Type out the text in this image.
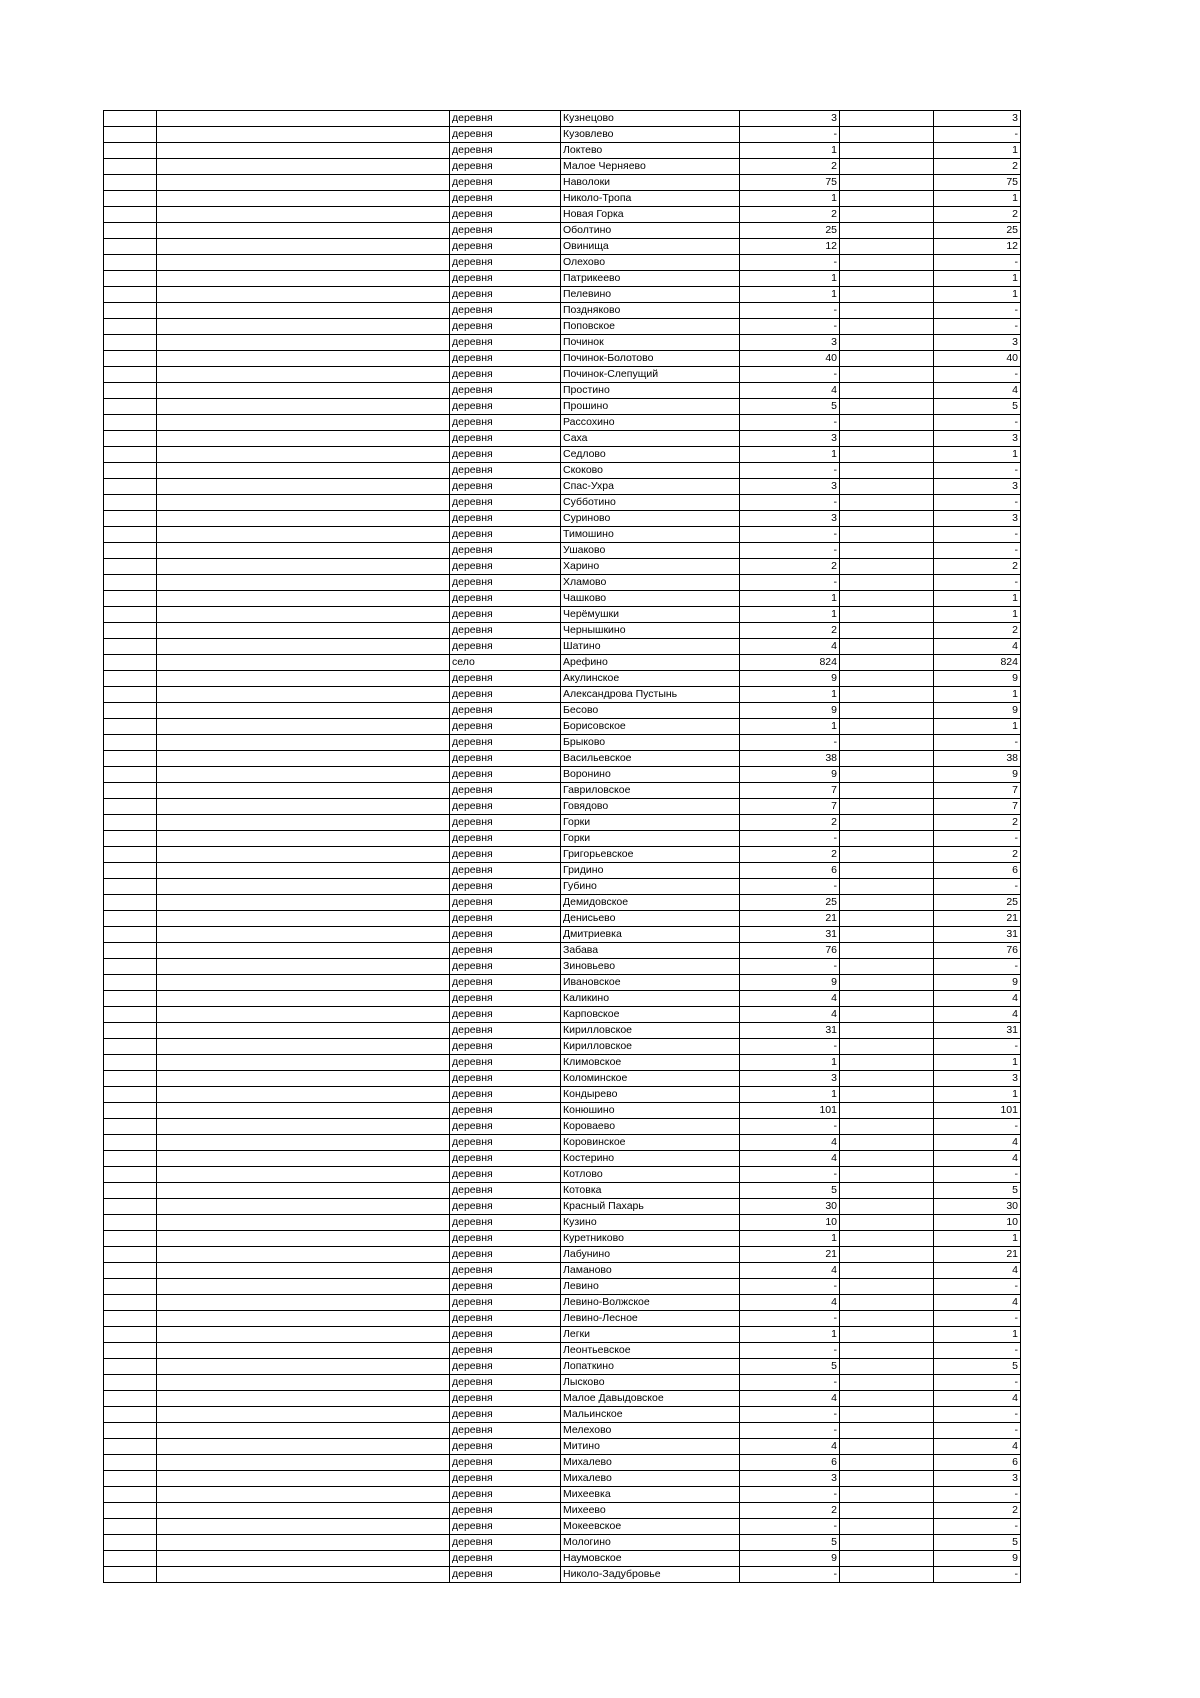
		деревня	Кузнецово	3		3
		деревня	Кузовлево	-		-
		деревня	Локтево	1		1
		деревня	Малое Черняево	2		2
		деревня	Наволоки	75		75
		деревня	Николо-Тропа	1		1
		деревня	Новая Горка	2		2
		деревня	Оболтино	25		25
		деревня	Овинища	12		12
		деревня	Олехово	-		-
		деревня	Патрикеево	1		1
		деревня	Пелевино	1		1
		деревня	Поздняково	-		-
		деревня	Поповское	-		-
		деревня	Починок	3		3
		деревня	Починок-Болотово	40		40
		деревня	Починок-Слепущий	-		-
		деревня	Простино	4		4
		деревня	Прошино	5		5
		деревня	Рассохино	-		-
		деревня	Саха	3		3
		деревня	Седлово	1		1
		деревня	Скоково	-		-
		деревня	Спас-Ухра	3		3
		деревня	Субботино	-		-
		деревня	Суриново	3		3
		деревня	Тимошино	-		-
		деревня	Ушаково	-		-
		деревня	Харино	2		2
		деревня	Хламово	-		-
		деревня	Чашково	1		1
		деревня	Черёмушки	1		1
		деревня	Чернышкино	2		2
		деревня	Шатино	4		4
		село	Арефино	824		824
		деревня	Акулинское	9		9
		деревня	Александрова Пустынь	1		1
		деревня	Бесово	9		9
		деревня	Борисовское	1		1
		деревня	Брыково	-		-
		деревня	Васильевское	38		38
		деревня	Воронино	9		9
		деревня	Гавриловское	7		7
		деревня	Говядово	7		7
		деревня	Горки	2		2
		деревня	Горки	-		-
		деревня	Григорьевское	2		2
		деревня	Гридино	6		6
		деревня	Губино	-		-
		деревня	Демидовское	25		25
		деревня	Денисьево	21		21
		деревня	Дмитриевка	31		31
		деревня	Забава	76		76
		деревня	Зиновьево	-		-
		деревня	Ивановское	9		9
		деревня	Каликино	4		4
		деревня	Карповское	4		4
		деревня	Кирилловское	31		31
		деревня	Кирилловское	-		-
		деревня	Климовское	1		1
		деревня	Коломинское	3		3
		деревня	Кондырево	1		1
		деревня	Конюшино	101		101
		деревня	Короваево	-		-
		деревня	Коровинское	4		4
		деревня	Костерино	4		4
		деревня	Котлово	-		-
		деревня	Котовка	5		5
		деревня	Красный Пахарь	30		30
		деревня	Кузино	10		10
		деревня	Куретниково	1		1
		деревня	Лабунино	21		21
		деревня	Ламаново	4		4
		деревня	Левино	-		-
		деревня	Левино-Волжское	4		4
		деревня	Левино-Лесное	-		-
		деревня	Легки	1		1
		деревня	Леонтьевское	-		-
		деревня	Лопаткино	5		5
		деревня	Лысково	-		-
		деревня	Малое Давыдовское	4		4
		деревня	Мальинское	-		-
		деревня	Мелехово	-		-
		деревня	Митино	4		4
		деревня	Михалево	6		6
		деревня	Михалево	3		3
		деревня	Михеевка	-		-
		деревня	Михеево	2		2
		деревня	Мокеевское	-		-
		деревня	Мологино	5		5
		деревня	Наумовское	9		9
		деревня	Николо-Задубровье	-		-
